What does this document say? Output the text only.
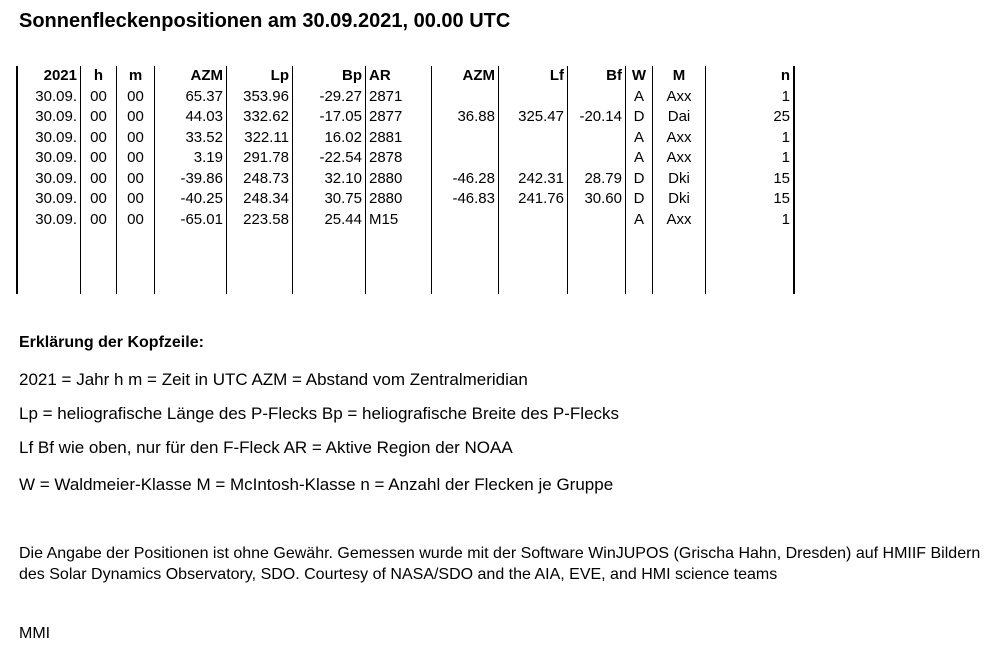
Sonnenfleckenpositionen am 30.09.2021, 00.00 UTC
2021
30.09.
30.09.
30.09.
30.09.
30.09.
30.09.
30.09.
h
00
00
00
00
00
00
00
m
00
00
00
00
00
00
00
AZM
65.37
44.03
33.52
3.19
-39.86
-40.25
-65.01
Lp
353.96
332.62
322.11
291.78
248.73
248.34
223.58
Bp
-29.27
-17.05
16.02
-22.54
32.10
30.75
25.44
AR
2871
2877
2881
2878
2880
2880
M15
AZM
36.88
-46.28
-46.83
Lf
325.47
242.31
241.76
Bf
-20.14
28.79
30.60
W
A
D
A
A
D
D
A
M
Axx
Dai
Axx
Axx
Dki
Dki
Axx
n
1
25
1
1
15
15
1
Erklärung der Kopfzeile:
2021 = Jahr h m = Zeit in UTC AZM = Abstand vom Zentralmeridian
Lp = heliografische Länge des P-Flecks Bp = heliografische Breite des P-Flecks
Lf Bf wie oben, nur für den F-Fleck AR = Aktive Region der NOAA
W = Waldmeier-Klasse M = McIntosh-Klasse n = Anzahl der Flecken je Gruppe
Die Angabe der Positionen ist ohne Gewähr. Gemessen wurde mit der Software WinJUPOS (Grischa Hahn, Dresden) auf HMIIF Bildern des Solar Dynamics Observatory, SDO. Courtesy of NASA/SDO and the AIA, EVE, and HMI science teams
MMI
